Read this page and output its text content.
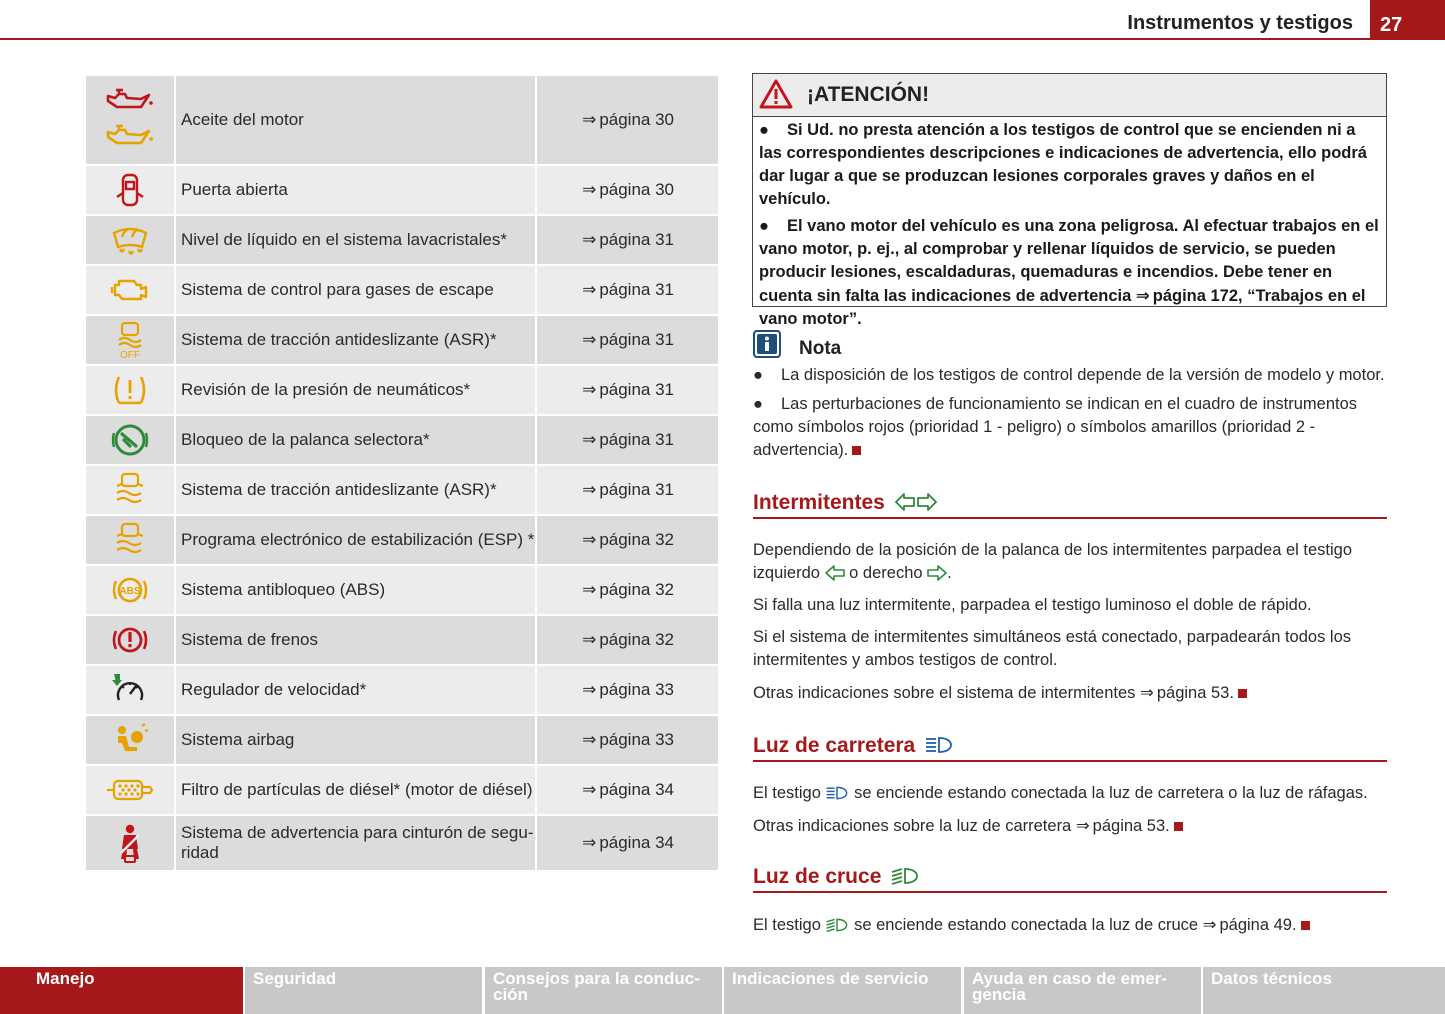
Instrumentos y testigos	27
	Aceite del motor	⇒ página 30

	Puerta abierta	⇒ página 30

	Nivel de líquido en el sistema lavacristales*	⇒ página 31

	Sistema de control para gases de escape	⇒ página 31

OFF	Sistema de tracción antideslizante (ASR)*	⇒ página 31

	Revisión de la presión de neumáticos*	⇒ página 31

	Bloqueo de la palanca selectora*	⇒ página 31

	Sistema de tracción antideslizante (ASR)*	⇒ página 31

	Programa electrónico de estabilización (ESP) *	⇒ página 32

ABS	Sistema antibloqueo (ABS)	⇒ página 32

	Sistema de frenos	⇒ página 32

	Regulador de velocidad*	⇒ página 33

	Sistema airbag	⇒ página 33

	Filtro de partículas de diésel* (motor de diésel)	⇒ página 34

	Sistema de advertencia para cinturón de segu-ridad	⇒ página 34
¡ATENCIÓN!

● Si Ud. no presta atención a los testigos de control que se encienden ni a las correspondientes descripciones e indicaciones de advertencia, ello podrá dar lugar a que se produzcan lesiones corporales graves y daños en el vehículo.

● El vano motor del vehículo es una zona peligrosa. Al efectuar trabajos en el vano motor, p. ej., al comprobar y rellenar líquidos de servicio, se pueden producir lesiones, escaldaduras, quemaduras e incendios. Debe tener en cuenta sin falta las indicaciones de advertencia ⇒ página 172, “Trabajos en el vano motor”.

Nota

● La disposición de los testigos de control depende de la versión de modelo y motor.

● Las perturbaciones de funcionamiento se indican en el cuadro de instrumentos como símbolos rojos (prioridad 1 - peligro) o símbolos amarillos (prioridad 2 - advertencia).

Intermitentes

Dependiendo de la posición de la palanca de los intermitentes parpadea el testigo izquierdo o derecho .

Si falla una luz intermitente, parpadea el testigo luminoso el doble de rápido.

Si el sistema de intermitentes simultáneos está conectado, parpadearán todos los intermitentes y ambos testigos de control.

Otras indicaciones sobre el sistema de intermitentes ⇒ página 53.

Luz de carretera

El testigo se enciende estando conectada la luz de carretera o la luz de ráfagas.

Otras indicaciones sobre la luz de carretera ⇒ página 53.

Luz de cruce

El testigo se enciende estando conectada la luz de cruce ⇒ página 49.

Manejo	Seguridad	Consejos para la conduc-ción
Indicaciones de servicio	Ayuda en caso de emer-gencia
Datos técnicos
